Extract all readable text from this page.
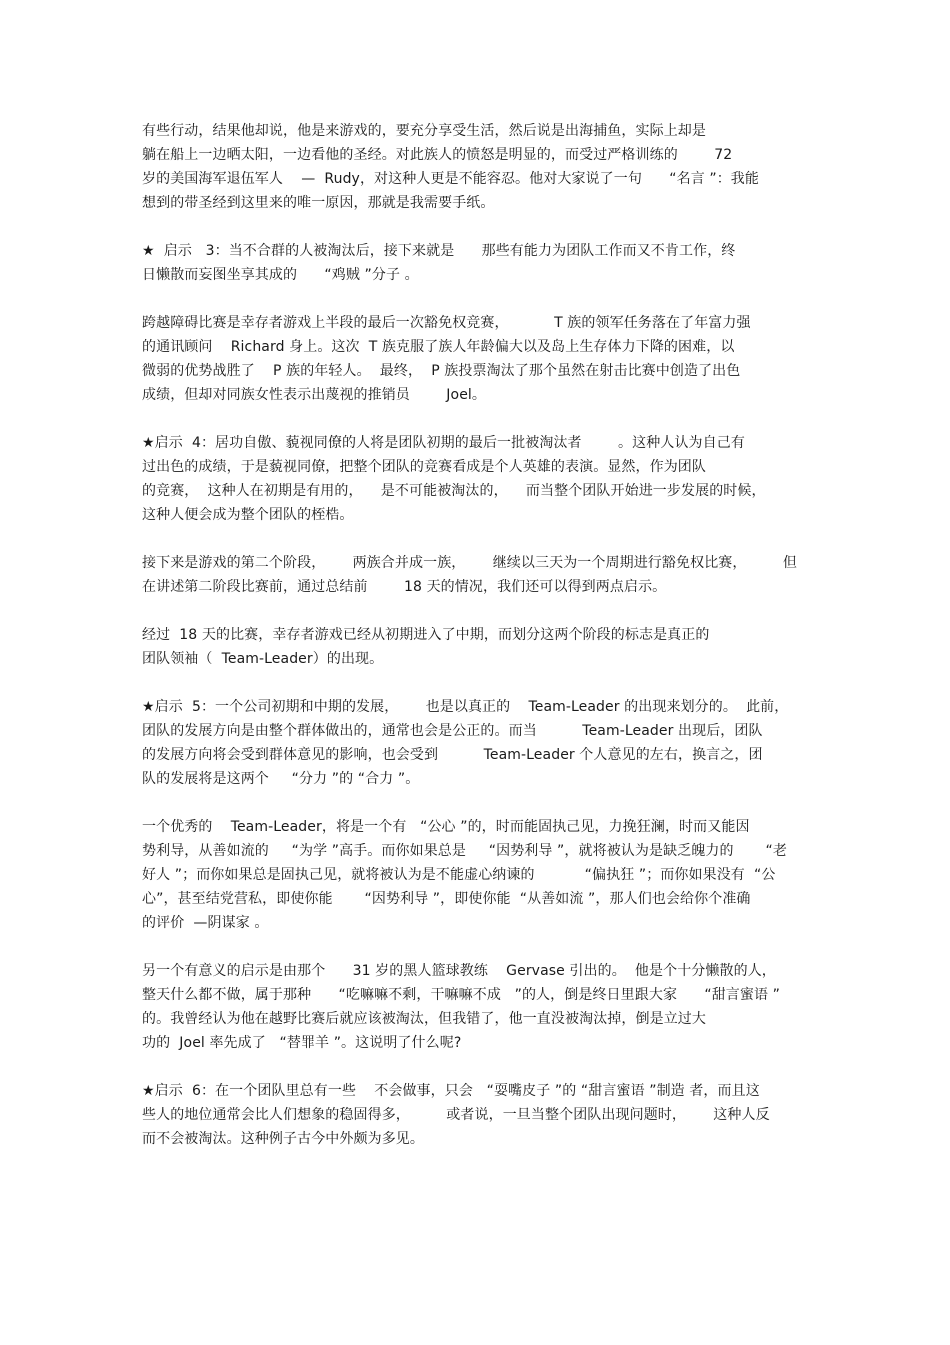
有些行动，结果他却说，他是来游戏的，要充分享受生活，然后说是出海捕鱼，实际上却是
躺在船上一边晒太阳，一边看他的圣经。对此族人的愤怒是明显的，而受过严格训练的        72
岁的美国海军退伍军人    —  Rudy，对这种人更是不能容忍。他对大家说了一句      “名言 ”：我能
想到的带圣经到这里来的唯一原因，那就是我需要手纸。
★  启示   3：当不合群的人被淘汰后，接下来就是      那些有能力为团队工作而又不肯工作，终
日懒散而妄图坐享其成的      “鸡贼 ”分子 。
跨越障碍比赛是幸存者游戏上半段的最后一次豁免权竞赛，          T 族的领军任务落在了年富力强
的通讯顾问    Richard 身上。这次  T 族克服了族人年龄偏大以及岛上生存体力下降的困难，以
微弱的优势战胜了    P 族的年轻人。  最终，  P 族投票淘汰了那个虽然在射击比赛中创造了出色
成绩，但却对同族女性表示出蔑视的推销员        Joel。
★启示  4：居功自傲、藐视同僚的人将是团队初期的最后一批被淘汰者        。这种人认为自己有
过出色的成绩，于是藐视同僚，把整个团队的竞赛看成是个人英雄的表演。显然，作为团队
的竞赛，  这种人在初期是有用的，    是不可能被淘汰的，    而当整个团队开始进一步发展的时候，
这种人便会成为整个团队的桎梏。
接下来是游戏的第二个阶段，      两族合并成一族，      继续以三天为一个周期进行豁免权比赛，        但
在讲述第二阶段比赛前，通过总结前        18 天的情况，我们还可以得到两点启示。
经过  18 天的比赛，幸存者游戏已经从初期进入了中期，而划分这两个阶段的标志是真正的
团队领袖（  Team-Leader）的出现。
★启示  5：一个公司初期和中期的发展，      也是以真正的    Team-Leader 的出现来划分的。  此前，
团队的发展方向是由整个群体做出的，通常也会是公正的。而当          Team-Leader 出现后，团队
的发展方向将会受到群体意见的影响，也会受到          Team-Leader 个人意见的左右，换言之，团
队的发展将是这两个     “分力 ”的 “合力 ”。
一个优秀的    Team-Leader，将是一个有   “公心 ”的，时而能固执己见，力挽狂澜，时而又能因
势利导，从善如流的     “为学 ”高手。而你如果总是     “因势利导 ”，就将被认为是缺乏魄力的       “老
好人 ”；而你如果总是固执己见，就将被认为是不能虚心纳谏的           “偏执狂 ”；而你如果没有  “公
心”，甚至结党营私，即使你能       “因势利导 ”，即使你能  “从善如流 ”，那人们也会给你个准确
的评价  —阴谋家 。
另一个有意义的启示是由那个      31 岁的黑人篮球教练    Gervase 引出的。  他是个十分懒散的人，
整天什么都不做，属于那种      “吃嘛嘛不剩，干嘛嘛不成   ”的人，倒是终日里跟大家      “甜言蜜语 ”
的。我曾经认为他在越野比赛后就应该被淘汰，但我错了，他一直没被淘汰掉，倒是立过大
功的  Joel 率先成了   “替罪羊 ”。这说明了什么呢?
★启示  6：在一个团队里总有一些    不会做事，只会   “耍嘴皮子 ”的 “甜言蜜语 ”制造 者，而且这
些人的地位通常会比人们想象的稳固得多，        或者说，一旦当整个团队出现问题时，      这种人反
而不会被淘汰。这种例子古今中外颇为多见。
